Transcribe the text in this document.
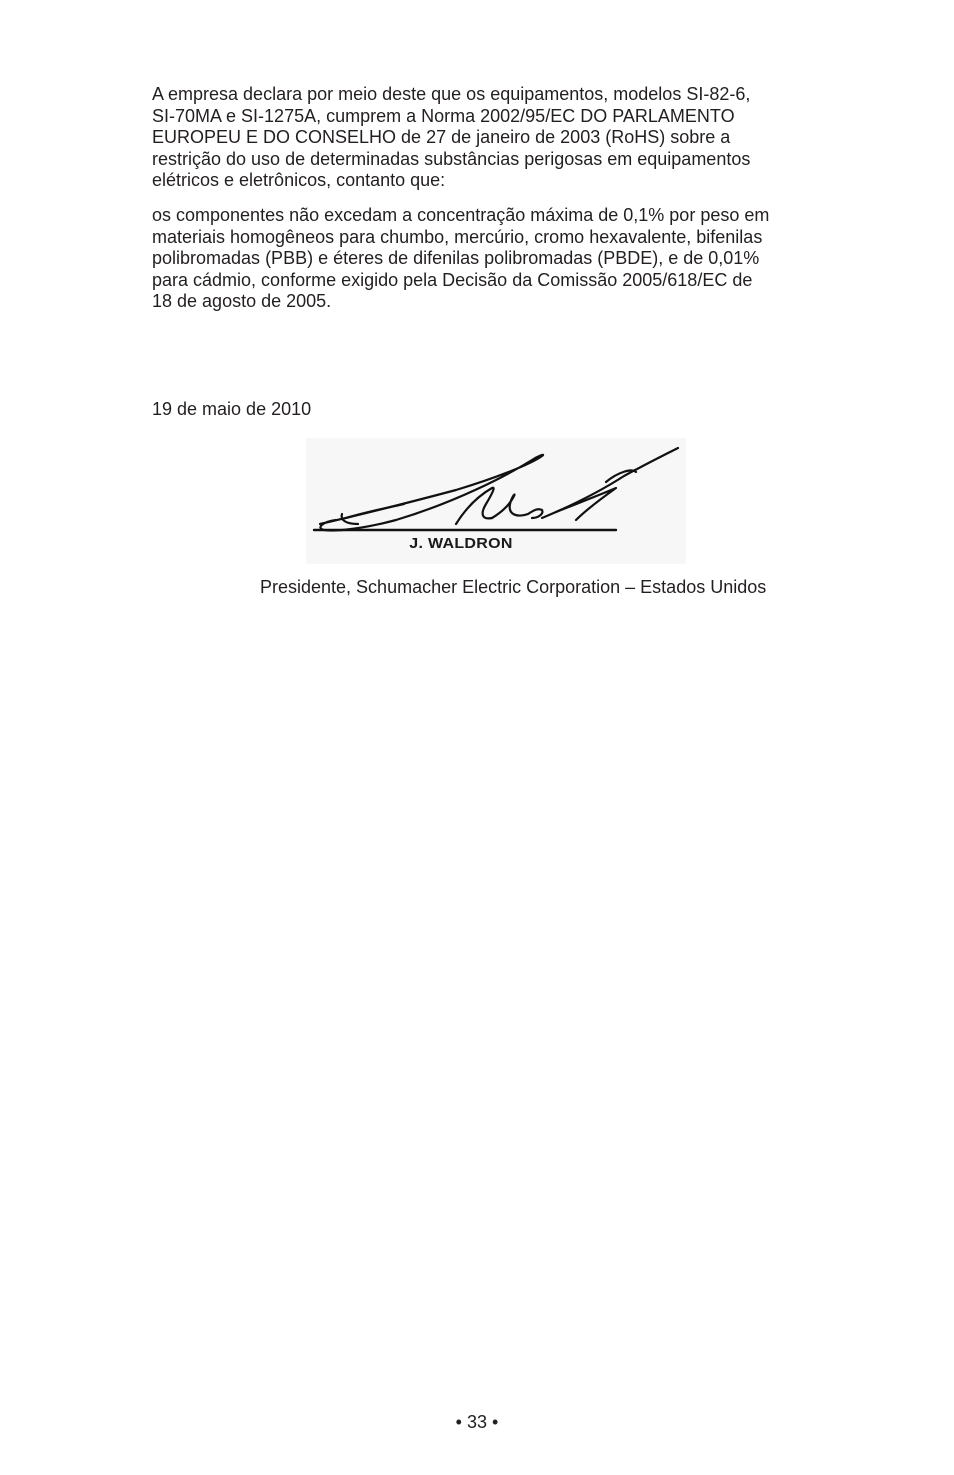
A empresa declara por meio deste que os equipamentos, modelos SI-82-6,
SI-70MA e SI-1275A, cumprem a Norma 2002/95/EC DO PARLAMENTO
EUROPEU E DO CONSELHO de 27 de janeiro de 2003 (RoHS) sobre a
restrição do uso de determinadas substâncias perigosas em equipamentos
elétricos e eletrônicos, contanto que:

os componentes não excedam a concentração máxima de 0,1% por peso em
materiais homogêneos para chumbo, mercúrio, cromo hexavalente, bifenilas
polibromadas (PBB) e éteres de difenilas polibromadas (PBDE), e de 0,01%
para cádmio, conforme exigido pela Decisão da Comissão 2005/618/EC de
18 de agosto de 2005.

19 de maio de 2010

J. WALDRON

Presidente, Schumacher Electric Corporation – Estados Unidos

• 33 •
